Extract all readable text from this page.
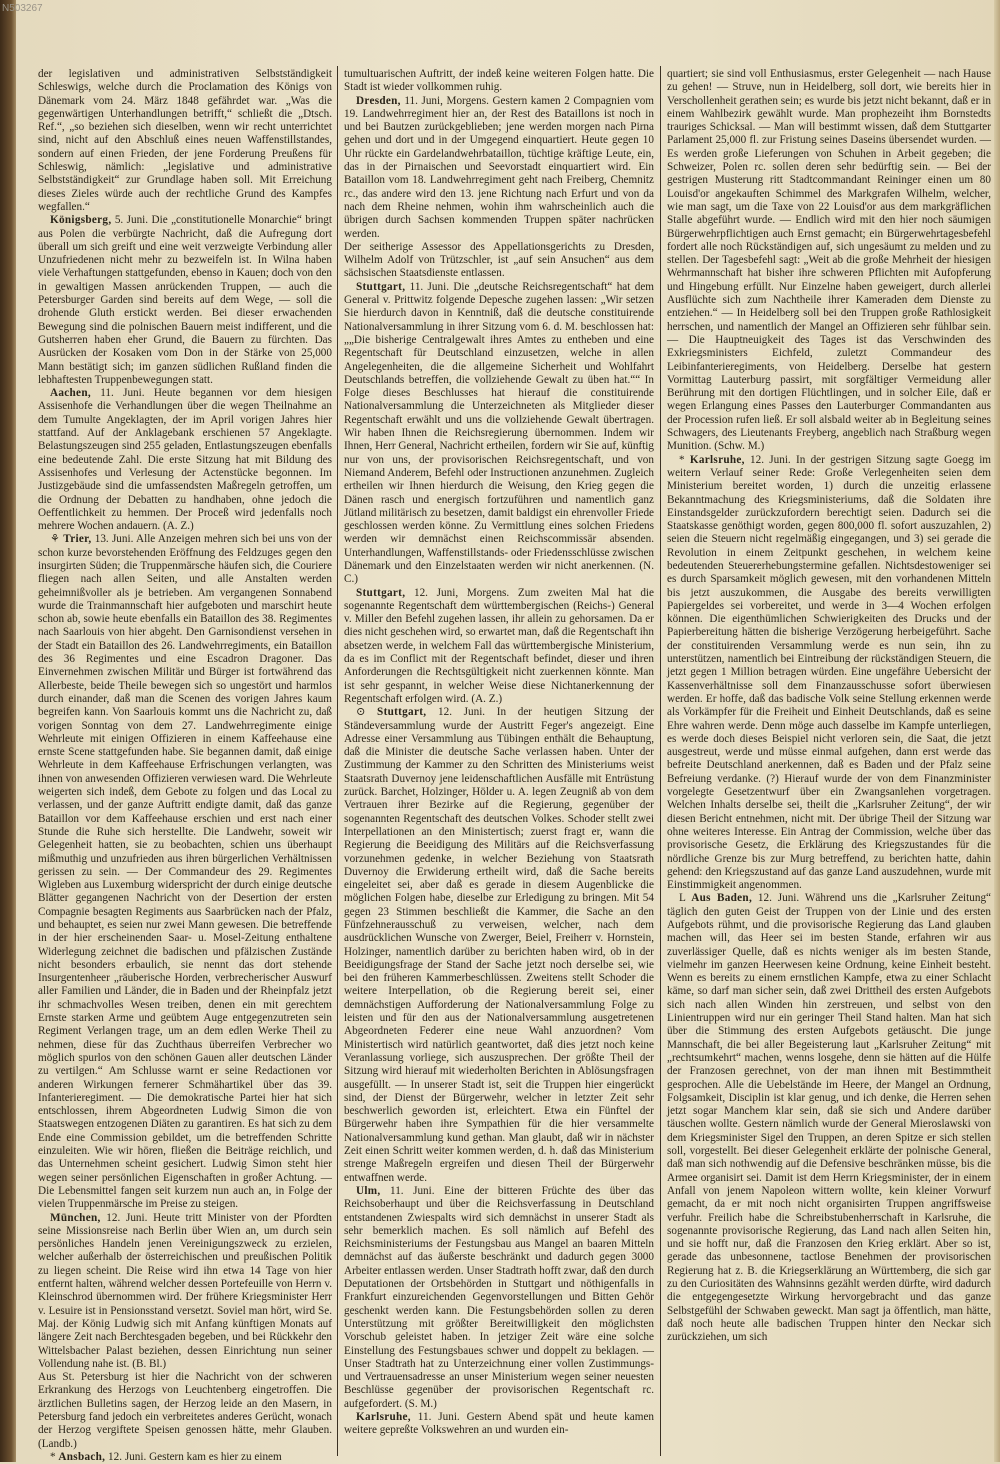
N503267

der legislativen und administrativen Selbstständigkeit Schleswigs, welche durch die Proclamation des Königs von Dänemark vom 24. März 1848 gefährdet war. „Was die gegenwärtigen Unterhandlungen betrifft,“ schließt die „Dtsch. Ref.“, „so beziehen sich dieselben, wenn wir recht unterrichtet sind, nicht auf den Abschluß eines neuen Waffenstillstandes, sondern auf einen Frieden, der jene Forderung Preußens für Schleswig, nämlich: „legislative und administrative Selbstständigkeit“ zur Grundlage haben soll. Mit Erreichung dieses Zieles würde auch der rechtliche Grund des Kampfes wegfallen.“

Königsberg, 5. Juni. Die „constitutionelle Monarchie“ bringt aus Polen die verbürgte Nachricht, daß die Aufregung dort überall um sich greift und eine weit verzweigte Verbindung aller Unzufriedenen nicht mehr zu bezweifeln ist. In Wilna haben viele Verhaftungen stattgefunden, ebenso in Kauen; doch von den in gewaltigen Massen anrückenden Truppen, — auch die Petersburger Garden sind bereits auf dem Wege, — soll die drohende Gluth erstickt werden. Bei dieser erwachenden Bewegung sind die polnischen Bauern meist indifferent, und die Gutsherren haben eher Grund, die Bauern zu fürchten. Das Ausrücken der Kosaken vom Don in der Stärke von 25,000 Mann bestätigt sich; im ganzen südlichen Rußland finden die lebhaftesten Truppenbewegungen statt.

Aachen, 11. Juni. Heute begannen vor dem hiesigen Assisenhofe die Verhandlungen über die wegen Theilnahme an dem Tumulte Angeklagten, der im April vorigen Jahres hier stattfand. Auf der Anklagebank erschienen 57 Angeklagte. Belastungszeugen sind 255 geladen, Entlastungszeugen ebenfalls eine bedeutende Zahl. Die erste Sitzung hat mit Bildung des Assisenhofes und Verlesung der Actenstücke begonnen. Im Justizgebäude sind die umfassendsten Maßregeln getroffen, um die Ordnung der Debatten zu handhaben, ohne jedoch die Oeffentlichkeit zu hemmen. Der Proceß wird jedenfalls noch mehrere Wochen andauern. (A. Z.)

⚘ Trier, 13. Juni. Alle Anzeigen mehren sich bei uns von der schon kurze bevorstehenden Eröffnung des Feldzuges gegen den insurgirten Süden; die Truppenmärsche häufen sich, die Couriere fliegen nach allen Seiten, und alle Anstalten werden geheimnißvoller als je betrieben. Am vergangenen Sonnabend wurde die Trainmannschaft hier aufgeboten und marschirt heute schon ab, sowie heute ebenfalls ein Bataillon des 38. Regimentes nach Saarlouis von hier abgeht. Den Garnisondienst versehen in der Stadt ein Bataillon des 26. Landwehrregiments, ein Bataillon des 36 Regimentes und eine Escadron Dragoner. Das Einvernehmen zwischen Militär und Bürger ist fortwährend das Allerbeste, beide Theile bewegen sich so ungestört und harmlos durch einander, daß man die Scenen des vorigen Jahres kaum begreifen kann. Von Saarlouis kommt uns die Nachricht zu, daß vorigen Sonntag von dem 27. Landwehrregimente einige Wehrleute mit einigen Offizieren in einem Kaffeehause eine ernste Scene stattgefunden habe. Sie begannen damit, daß einige Wehrleute in dem Kaffeehause Erfrischungen verlangten, was ihnen von anwesenden Offizieren verwiesen ward. Die Wehrleute weigerten sich indeß, dem Gebote zu folgen und das Local zu verlassen, und der ganze Auftritt endigte damit, daß das ganze Bataillon vor dem Kaffeehause erschien und erst nach einer Stunde die Ruhe sich herstellte. Die Landwehr, soweit wir Gelegenheit hatten, sie zu beobachten, schien uns überhaupt mißmuthig und unzufrieden aus ihren bürgerlichen Verhältnissen gerissen zu sein. — Der Commandeur des 29. Regimentes Wigleben aus Luxemburg widerspricht der durch einige deutsche Blätter gegangenen Nachricht von der Desertion der ersten Compagnie besagten Regiments aus Saarbrücken nach der Pfalz, und behauptet, es seien nur zwei Mann gewesen. Die betreffende in der hier erscheinenden Saar- u. Mosel-Zeitung enthaltene Widerlegung zeichnet die badischen und pfälzischen Zustände nicht besonders erbaulich, sie nennt das dort stehende Insurgentenheer „räuberische Horden, verbrecherischer Auswurf aller Familien und Länder, die in Baden und der Rheinpfalz jetzt ihr schmachvolles Wesen treiben, denen ein mit gerechtem Ernste starken Arme und geübtem Auge entgegenzutreten sein Regiment Verlangen trage, um an dem edlen Werke Theil zu nehmen, diese für das Zuchthaus überreifen Verbrecher wo möglich spurlos von den schönen Gauen aller deutschen Länder zu vertilgen.“ Am Schlusse warnt er seine Redactionen vor anderen Wirkungen fernerer Schmähartikel über das 39. Infanterieregiment. — Die demokratische Partei hier hat sich entschlossen, ihrem Abgeordneten Ludwig Simon die von Staatswegen entzogenen Diäten zu garantiren. Es hat sich zu dem Ende eine Commission gebildet, um die betreffenden Schritte einzuleiten. Wie wir hören, fließen die Beiträge reichlich, und das Unternehmen scheint gesichert. Ludwig Simon steht hier wegen seiner persönlichen Eigenschaften in großer Achtung. — Die Lebensmittel fangen seit kurzem nun auch an, in Folge der vielen Truppenmärsche im Preise zu steigen.

München, 12. Juni. Heute tritt Minister von der Pfordten seine Missionsreise nach Berlin über Wien an, um durch sein persönliches Handeln jenen Vereinigungszweck zu erzielen, welcher außerhalb der österreichischen und preußischen Politik zu liegen scheint. Die Reise wird ihn etwa 14 Tage von hier entfernt halten, während welcher dessen Portefeuille von Herrn v. Kleinschrod übernommen wird. Der frühere Kriegsminister Herr v. Lesuire ist in Pensionsstand versetzt. Soviel man hört, wird Se. Maj. der König Ludwig sich mit Anfang künftigen Monats auf längere Zeit nach Berchtesgaden begeben, und bei Rückkehr den Wittelsbacher Palast beziehen, dessen Einrichtung nun seiner Vollendung nahe ist. (B. Bl.)

Aus St. Petersburg ist hier die Nachricht von der schweren Erkrankung des Herzogs von Leuchtenberg eingetroffen. Die ärztlichen Bulletins sagen, der Herzog leide an den Masern, in Petersburg fand jedoch ein verbreitetes anderes Gerücht, wonach der Herzog vergiftete Speisen genossen hätte, mehr Glauben. (Landb.)

* Ansbach, 12. Juni. Gestern kam es hier zu einem

tumultuarischen Auftritt, der indeß keine weiteren Folgen hatte. Die Stadt ist wieder vollkommen ruhig.

Dresden, 11. Juni, Morgens. Gestern kamen 2 Compagnien vom 19. Landwehrregiment hier an, der Rest des Bataillons ist noch in und bei Bautzen zurückgeblieben; jene werden morgen nach Pirna gehen und dort und in der Umgegend einquartiert. Heute gegen 10 Uhr rückte ein Gardelandwehrbataillon, tüchtige kräftige Leute, ein, das in der Pirnaischen und Seevorstadt einquartiert wird. Ein Bataillon vom 18. Landwehrregiment geht nach Freiberg, Chemnitz rc., das andere wird den 13. jene Richtung nach Erfurt und von da nach dem Rheine nehmen, wohin ihm wahrscheinlich auch die übrigen durch Sachsen kommenden Truppen später nachrücken werden.

Der seitherige Assessor des Appellationsgerichts zu Dresden, Wilhelm Adolf von Trützschler, ist „auf sein Ansuchen“ aus dem sächsischen Staatsdienste entlassen.

Stuttgart, 11. Juni. Die „deutsche Reichsregentschaft“ hat dem General v. Prittwitz folgende Depesche zugehen lassen: „Wir setzen Sie hierdurch davon in Kenntniß, daß die deutsche constituirende Nationalversammlung in ihrer Sitzung vom 6. d. M. beschlossen hat: „„Die bisherige Centralgewalt ihres Amtes zu entheben und eine Regentschaft für Deutschland einzusetzen, welche in allen Angelegenheiten, die die allgemeine Sicherheit und Wohlfahrt Deutschlands betreffen, die vollziehende Gewalt zu üben hat.““ In Folge dieses Beschlusses hat hierauf die constituirende Nationalversammlung die Unterzeichneten als Mitglieder dieser Regentschaft erwählt und uns die vollziehende Gewalt übertragen. Wir haben Ihnen die Reichsregierung übernommen. Indem wir Ihnen, Herr General, Nachricht ertheilen, fordern wir Sie auf, künftig nur von uns, der provisorischen Reichsregentschaft, und von Niemand Anderem, Befehl oder Instructionen anzunehmen. Zugleich ertheilen wir Ihnen hierdurch die Weisung, den Krieg gegen die Dänen rasch und energisch fortzuführen und namentlich ganz Jütland militärisch zu besetzen, damit baldigst ein ehrenvoller Friede geschlossen werden könne. Zu Vermittlung eines solchen Friedens werden wir demnächst einen Reichscommissär absenden. Unterhandlungen, Waffenstillstands- oder Friedensschlüsse zwischen Dänemark und den Einzelstaaten werden wir nicht anerkennen. (N. C.)

Stuttgart, 12. Juni, Morgens. Zum zweiten Mal hat die sogenannte Regentschaft dem württembergischen (Reichs-) General v. Miller den Befehl zugehen lassen, ihr allein zu gehorsamen. Da er dies nicht geschehen wird, so erwartet man, daß die Regentschaft ihn absetzen werde, in welchem Fall das württembergische Ministerium, da es im Conflict mit der Regentschaft befindet, dieser und ihren Anforderungen die Rechtsgültigkeit nicht zuerkennen könnte. Man ist sehr gespannt, in welcher Weise diese Nichtanerkennung der Regentschaft erfolgen wird. (A. Z.)

⊙ Stuttgart, 12. Juni. In der heutigen Sitzung der Ständeversammlung wurde der Austritt Feger's angezeigt. Eine Adresse einer Versammlung aus Tübingen enthält die Behauptung, daß die Minister die deutsche Sache verlassen haben. Unter der Zustimmung der Kammer zu den Schritten des Ministeriums weist Staatsrath Duvernoy jene leidenschaftlichen Ausfälle mit Entrüstung zurück. Barchet, Holzinger, Hölder u. A. legen Zeugniß ab von dem Vertrauen ihrer Bezirke auf die Regierung, gegenüber der sogenannten Regentschaft des deutschen Volkes. Schoder stellt zwei Interpellationen an den Ministertisch; zuerst fragt er, wann die Regierung die Beeidigung des Militärs auf die Reichsverfassung vorzunehmen gedenke, in welcher Beziehung von Staatsrath Duvernoy die Erwiderung ertheilt wird, daß die Sache bereits eingeleitet sei, aber daß es gerade in diesem Augenblicke die möglichen Folgen habe, dieselbe zur Erledigung zu bringen. Mit 54 gegen 23 Stimmen beschließt die Kammer, die Sache an den Fünfzehnerausschuß zu verweisen, welcher, nach dem ausdrücklichen Wunsche von Zwerger, Beiel, Freiherr v. Hornstein, Holzinger, namentlich darüber zu berichten haben wird, ob in der Beeidigungsfrage der Stand der Sache jetzt noch derselbe sei, wie bei den früheren Kammerbeschlüssen. Zweitens stellt Schoder die weitere Interpellation, ob die Regierung bereit sei, einer demnächstigen Aufforderung der Nationalversammlung Folge zu leisten und für den aus der Nationalversammlung ausgetretenen Abgeordneten Federer eine neue Wahl anzuordnen? Vom Ministertisch wird natürlich geantwortet, daß dies jetzt noch keine Veranlassung vorliege, sich auszusprechen. Der größte Theil der Sitzung wird hierauf mit wiederholten Berichten in Ablösungsfragen ausgefüllt. — In unserer Stadt ist, seit die Truppen hier eingerückt sind, der Dienst der Bürgerwehr, welcher in letzter Zeit sehr beschwerlich geworden ist, erleichtert. Etwa ein Fünftel der Bürgerwehr haben ihre Sympathien für die hier versammelte Nationalversammlung kund gethan. Man glaubt, daß wir in nächster Zeit einen Schritt weiter kommen werden, d. h. daß das Ministerium strenge Maßregeln ergreifen und diesen Theil der Bürgerwehr entwaffnen werde.

Ulm, 11. Juni. Eine der bitteren Früchte des über das Reichsoberhaupt und über die Reichsverfassung in Deutschland entstandenen Zwiespalts wird sich demnächst in unserer Stadt als sehr bemerklich machen. Es soll nämlich auf Befehl des Reichsministeriums der Festungsbau aus Mangel an baaren Mitteln demnächst auf das äußerste beschränkt und dadurch gegen 3000 Arbeiter entlassen werden. Unser Stadtrath hofft zwar, daß den durch Deputationen der Ortsbehörden in Stuttgart und nöthigenfalls in Frankfurt einzureichenden Gegenvorstellungen und Bitten Gehör geschenkt werden kann. Die Festungsbehörden sollen zu deren Unterstützung mit größter Bereitwilligkeit den möglichsten Vorschub geleistet haben. In jetziger Zeit wäre eine solche Einstellung des Festungsbaues schwer und doppelt zu beklagen. — Unser Stadtrath hat zu Unterzeichnung einer vollen Zustimmungs- und Vertrauensadresse an unser Ministerium wegen seiner neuesten Beschlüsse gegenüber der provisorischen Regentschaft rc. aufgefordert. (S. M.)

Karlsruhe, 11. Juni. Gestern Abend spät und heute kamen weitere gepreßte Volkswehren an und wurden ein-

quartiert; sie sind voll Enthusiasmus, erster Gelegenheit — nach Hause zu gehen! — Struve, nun in Heidelberg, soll dort, wie bereits hier in Verschollenheit gerathen sein; es wurde bis jetzt nicht bekannt, daß er in einem Wahlbezirk gewählt wurde. Man prophezeiht ihm Bornstedts trauriges Schicksal. — Man will bestimmt wissen, daß dem Stuttgarter Parlament 25,000 fl. zur Fristung seines Daseins übersendet wurden. — Es werden große Lieferungen von Schuhen in Arbeit gegeben; die Schweizer, Polen rc. sollen deren sehr bedürftig sein. — Bei der gestrigen Musterung ritt Stadtcommandant Reininger einen um 80 Louisd'or angekauften Schimmel des Markgrafen Wilhelm, welcher, wie man sagt, um die Taxe von 22 Louisd'or aus dem markgräflichen Stalle abgeführt wurde. — Endlich wird mit den hier noch säumigen Bürgerwehrpflichtigen auch Ernst gemacht; ein Bürgerwehrtagesbefehl fordert alle noch Rückständigen auf, sich ungesäumt zu melden und zu stellen. Der Tagesbefehl sagt: „Weit ab die große Mehrheit der hiesigen Wehrmannschaft hat bisher ihre schweren Pflichten mit Aufopferung und Hingebung erfüllt. Nur Einzelne haben geweigert, durch allerlei Ausflüchte sich zum Nachtheile ihrer Kameraden dem Dienste zu entziehen.“ — In Heidelberg soll bei den Truppen große Rathlosigkeit herrschen, und namentlich der Mangel an Offizieren sehr fühlbar sein. — Die Hauptneuigkeit des Tages ist das Verschwinden des Exkriegsministers Eichfeld, zuletzt Commandeur des Leibinfanterieregiments, von Heidelberg. Derselbe hat gestern Vormittag Lauterburg passirt, mit sorgfältiger Vermeidung aller Berührung mit den dortigen Flüchtlingen, und in solcher Eile, daß er wegen Erlangung eines Passes den Lauterburger Commandanten aus der Procession rufen ließ. Er soll alsbald weiter ab in Begleitung seines Schwagers, des Lieutenants Freyberg, angeblich nach Straßburg wegen Munition. (Schw. M.)

* Karlsruhe, 12. Juni. In der gestrigen Sitzung sagte Goegg im weitern Verlauf seiner Rede: Große Verlegenheiten seien dem Ministerium bereitet worden, 1) durch die unzeitig erlassene Bekanntmachung des Kriegsministeriums, daß die Soldaten ihre Einstandsgelder zurückzufordern berechtigt seien. Dadurch sei die Staatskasse genöthigt worden, gegen 800,000 fl. sofort auszuzahlen, 2) seien die Steuern nicht regelmäßig eingegangen, und 3) sei gerade die Revolution in einem Zeitpunkt geschehen, in welchem keine bedeutenden Steuererhebungstermine gefallen. Nichtsdestoweniger sei es durch Sparsamkeit möglich gewesen, mit den vorhandenen Mitteln bis jetzt auszukommen, die Ausgabe des bereits verwilligten Papiergeldes sei vorbereitet, und werde in 3—4 Wochen erfolgen können. Die eigenthümlichen Schwierigkeiten des Drucks und der Papierbereitung hätten die bisherige Verzögerung herbeigeführt. Sache der constituirenden Versammlung werde es nun sein, ihn zu unterstützen, namentlich bei Eintreibung der rückständigen Steuern, die jetzt gegen 1 Million betragen würden. Eine ungefähre Uebersicht der Kassenverhältnisse soll dem Finanzausschusse sofort überwiesen werden. Er hoffe, daß das badische Volk seine Stellung erkennen werde als Vorkämpfer für die Freiheit und Einheit Deutschlands, daß es seine Ehre wahren werde. Denn möge auch dasselbe im Kampfe unterliegen, es werde doch dieses Beispiel nicht verloren sein, die Saat, die jetzt ausgestreut, werde und müsse einmal aufgehen, dann erst werde das befreite Deutschland anerkennen, daß es Baden und der Pfalz seine Befreiung verdanke. (?) Hierauf wurde der von dem Finanzminister vorgelegte Gesetzentwurf über ein Zwangsanlehen vorgetragen. Welchen Inhalts derselbe sei, theilt die „Karlsruher Zeitung“, der wir diesen Bericht entnehmen, nicht mit. Der übrige Theil der Sitzung war ohne weiteres Interesse. Ein Antrag der Commission, welche über das provisorische Gesetz, die Erklärung des Kriegszustandes für die nördliche Grenze bis zur Murg betreffend, zu berichten hatte, dahin gehend: den Kriegszustand auf das ganze Land auszudehnen, wurde mit Einstimmigkeit angenommen.

L Aus Baden, 12. Juni. Während uns die „Karlsruher Zeitung“ täglich den guten Geist der Truppen von der Linie und des ersten Aufgebots rühmt, und die provisorische Regierung das Land glauben machen will, das Heer sei im besten Stande, erfahren wir aus zuverlässiger Quelle, daß es nichts weniger als im besten Stande, vielmehr im ganzen Heerwesen keine Ordnung, keine Einheit besteht. Wenn es bereits zu einem ernstlichen Kampfe, etwa zu einer Schlacht käme, so darf man sicher sein, daß zwei Drittheil des ersten Aufgebots sich nach allen Winden hin zerstreuen, und selbst von den Linientruppen wird nur ein geringer Theil Stand halten. Man hat sich über die Stimmung des ersten Aufgebots getäuscht. Die junge Mannschaft, die bei aller Begeisterung laut „Karlsruher Zeitung“ mit „rechtsumkehrt“ machen, wenns losgehe, denn sie hätten auf die Hülfe der Franzosen gerechnet, von der man ihnen mit Bestimmtheit gesprochen. Alle die Uebelstände im Heere, der Mangel an Ordnung, Folgsamkeit, Disciplin ist klar genug, und ich denke, die Herren sehen jetzt sogar Manchem klar sein, daß sie sich und Andere darüber täuschen wollte. Gestern nämlich wurde der General Mieroslawski von dem Kriegsminister Sigel den Truppen, an deren Spitze er sich stellen soll, vorgestellt. Bei dieser Gelegenheit erklärte der polnische General, daß man sich nothwendig auf die Defensive beschränken müsse, bis die Armee organisirt sei. Damit ist dem Herrn Kriegsminister, der in einem Anfall von jenem Napoleon wittern wollte, kein kleiner Vorwurf gemacht, da er mit noch nicht organisirten Truppen angriffsweise verfuhr. Freilich habe die Schreibstubenherrschaft in Karlsruhe, die sogenannte provisorische Regierung, das Land nach allen Seiten hin, und sie hofft nur, daß die Franzosen den Krieg erklärt. Aber so ist, gerade das unbesonnene, tactlose Benehmen der provisorischen Regierung hat z. B. die Kriegserklärung an Württemberg, die sich gar zu den Curiositäten des Wahnsinns gezählt werden dürfte, wird dadurch die entgegengesetzte Wirkung hervorgebracht und das ganze Selbstgefühl der Schwaben geweckt. Man sagt ja öffentlich, man hätte, daß noch heute alle badischen Truppen hinter den Neckar sich zurückziehen, um sich
